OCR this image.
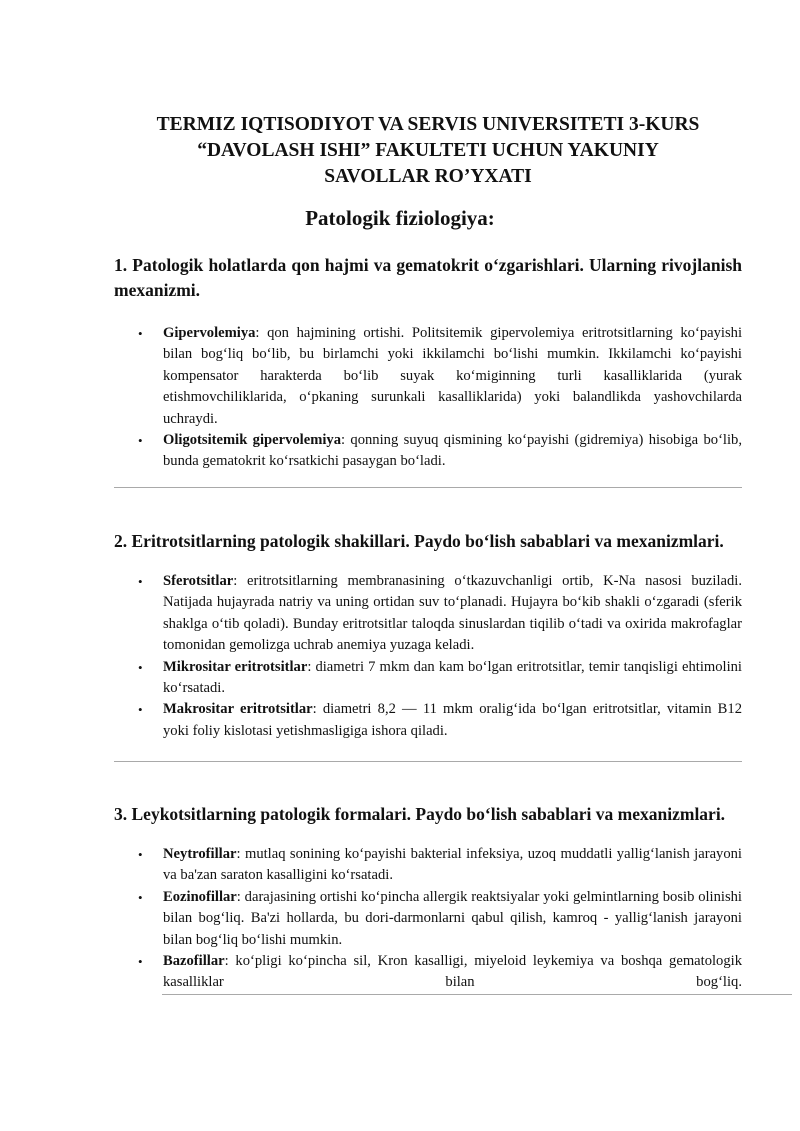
TERMIZ IQTISODIYOT VA SERVIS UNIVERSITETI 3-KURS
“DAVOLASH ISHI” FAKULTETI UCHUN YAKUNIY
SAVOLLAR RO’YXATI
Patologik fiziologiya:

1. Patologik holatlarda qon hajmi va gematokrit oʻzgarishlari. Ularning rivojlanish mexanizmi.

• Gipervolemiya: qon hajmining ortishi. Politsitemik gipervolemiya eritrotsitlarning koʻpayishi bilan bogʻliq boʻlib, bu birlamchi yoki ikkilamchi boʻlishi mumkin. Ikkilamchi koʻpayishi kompensator harakterda boʻlib suyak koʻmiginning turli kasalliklarida (yurak etishmovchiliklarida, oʻpkaning surunkali kasalliklarida) yoki balandlikda yashovchilarda uchraydi.
• Oligotsitemik gipervolemiya: qonning suyuq qismining koʻpayishi (gidremiya) hisobiga boʻlib, bunda gematokrit koʻrsatkichi pasaygan boʻladi.

2. Eritrotsitlarning patologik shakillari. Paydo boʻlish sabablari va mexanizmlari.

• Sferotsitlar: eritrotsitlarning membranasining oʻtkazuvchanligi ortib, K-Na nasosi buziladi. Natijada hujayrada natriy va uning ortidan suv toʻplanadi. Hujayra boʻkib shakli oʻzgaradi (sferik shaklga oʻtib qoladi). Bunday eritrotsitlar taloqda sinuslardan tiqilib oʻtadi va oxirida makrofaglar tomonidan gemolizga uchrab anemiya yuzaga keladi.
• Mikrositar eritrotsitlar: diametri 7 mkm dan kam boʻlgan eritrotsitlar, temir tanqisligi ehtimolini koʻrsatadi.
• Makrositar eritrotsitlar: diametri 8,2 — 11 mkm oraligʻida boʻlgan eritrotsitlar, vitamin B12 yoki foliy kislotasi yetishmasligiga ishora qiladi.

3. Leykotsitlarning patologik formalari. Paydo boʻlish sabablari va mexanizmlari.

• Neytrofillar: mutlaq sonining koʻpayishi bakterial infeksiya, uzoq muddatli yalligʻlanish jarayoni va ba'zan saraton kasalligini koʻrsatadi.
• Eozinofillar: darajasining ortishi koʻpincha allergik reaktsiyalar yoki gelmintlarning bosib olinishi bilan bogʻliq. Ba'zi hollarda, bu dori-darmonlarni qabul qilish, kamroq - yalligʻlanish jarayoni bilan bogʻliq boʻlishi mumkin.
• Bazofillar: koʻpligi koʻpincha sil, Kron kasalligi, miyeloid leykemiya va boshqa gematologik kasalliklar bilan bogʻliq.
